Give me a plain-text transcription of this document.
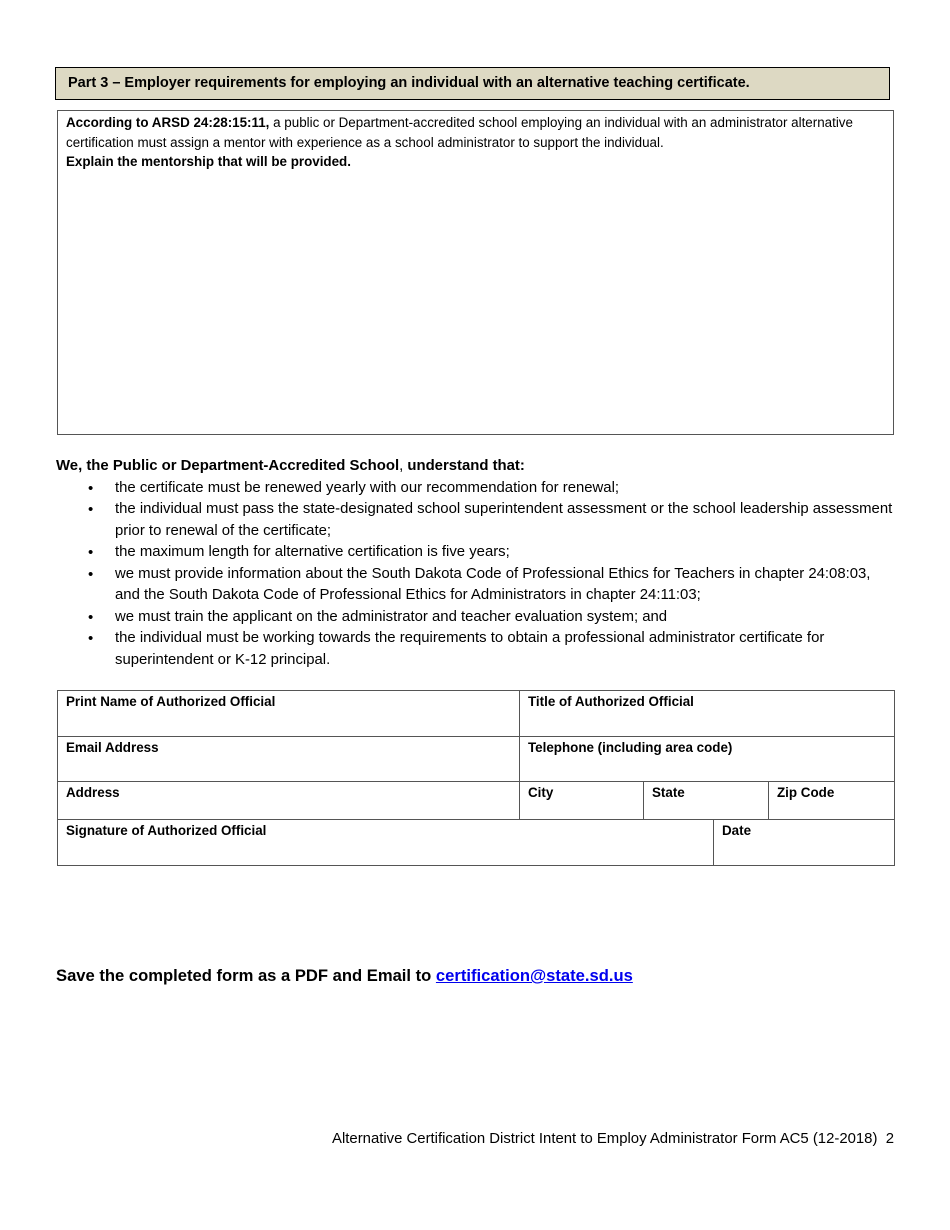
Part 3 – Employer requirements for employing an individual with an alternative teaching certificate.
According to ARSD 24:28:15:11, a public or Department-accredited school employing an individual with an administrator alternative certification must assign a mentor with experience as a school administrator to support the individual.
Explain the mentorship that will be provided.
We, the Public or Department-Accredited School, understand that:
• the certificate must be renewed yearly with our recommendation for renewal;
• the individual must pass the state-designated school superintendent assessment or the school leadership assessment prior to renewal of the certificate;
• the maximum length for alternative certification is five years;
• we must provide information about the South Dakota Code of Professional Ethics for Teachers in chapter 24:08:03, and the South Dakota Code of Professional Ethics for Administrators in chapter 24:11:03;
• we must train the applicant on the administrator and teacher evaluation system; and
• the individual must be working towards the requirements to obtain a professional administrator certificate for superintendent or K-12 principal.
Print Name of Authorized Official	Title of Authorized Official			
Email Address	Telephone (including area code)			
Address	City	State		Zip Code
Signature of Authorized Official			Date	
Save the completed form as a PDF and Email to certification@state.sd.us
Alternative Certification District Intent to Employ Administrator Form AC5 (12-2018) 2
